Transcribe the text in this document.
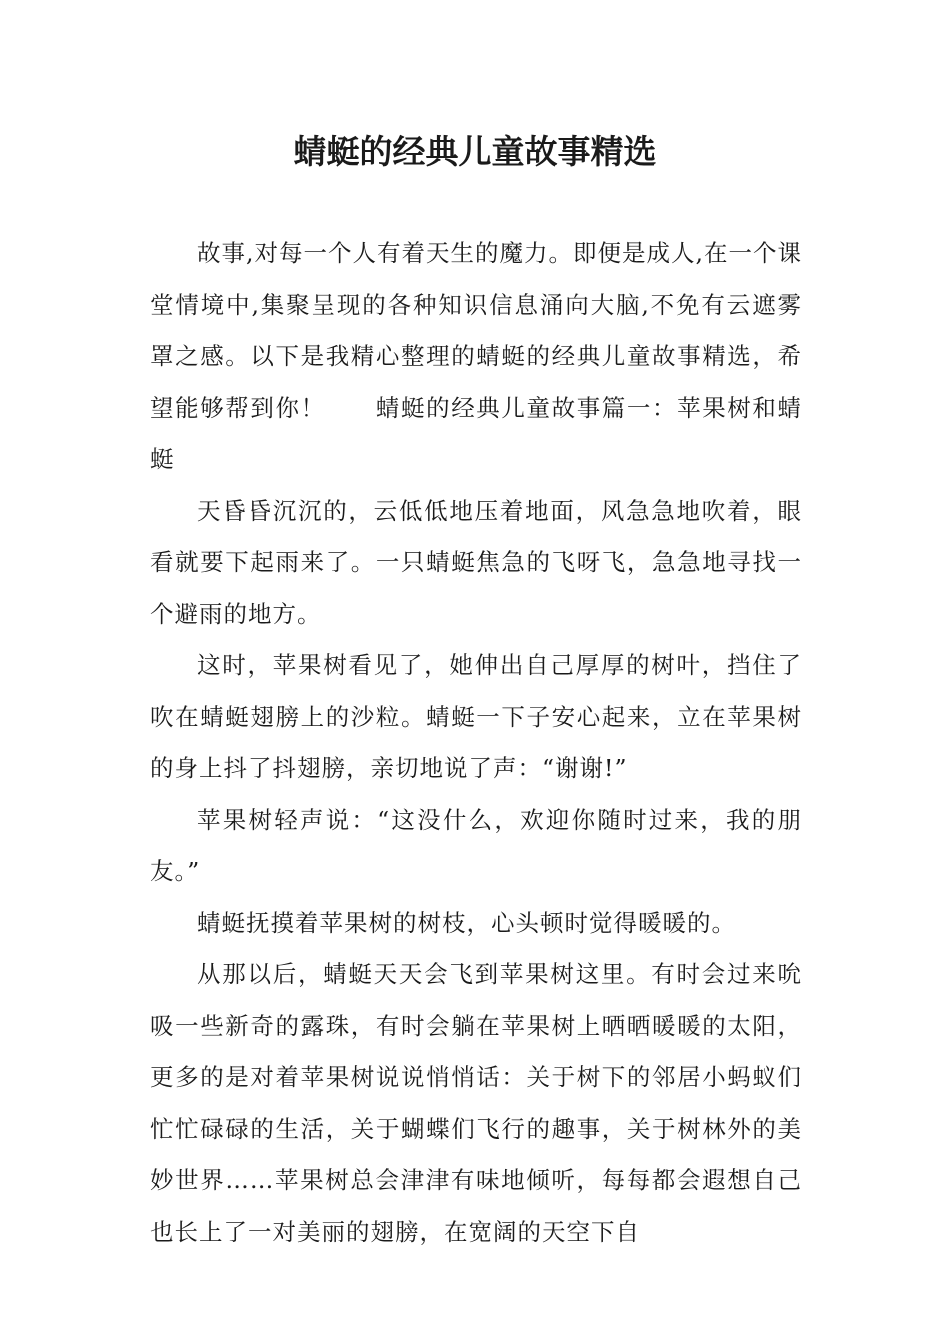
蜻蜓的经典儿童故事精选

故事,对每一个人有着天生的魔力。即便是成人,在一个课堂情境中,集聚呈现的各种知识信息涌向大脑,不免有云遮雾罩之感。以下是我精心整理的蜻蜓的经典儿童故事精选，希望能够帮到你！　　蜻蜓的经典儿童故事篇一：苹果树和蜻蜓

天昏昏沉沉的，云低低地压着地面，风急急地吹着，眼看就要下起雨来了。一只蜻蜓焦急的飞呀飞，急急地寻找一个避雨的地方。

这时，苹果树看见了，她伸出自己厚厚的树叶，挡住了吹在蜻蜓翅膀上的沙粒。蜻蜓一下子安心起来，立在苹果树的身上抖了抖翅膀，亲切地说了声：“谢谢!”

苹果树轻声说：“这没什么，欢迎你随时过来，我的朋友。”

蜻蜓抚摸着苹果树的树枝，心头顿时觉得暖暖的。

从那以后，蜻蜓天天会飞到苹果树这里。有时会过来吮吸一些新奇的露珠，有时会躺在苹果树上晒晒暖暖的太阳，更多的是对着苹果树说说悄悄话：关于树下的邻居小蚂蚁们忙忙碌碌的生活，关于蝴蝶们飞行的趣事，关于树林外的美妙世界……苹果树总会津津有味地倾听，每每都会遐想自己也长上了一对美丽的翅膀，在宽阔的天空下自
